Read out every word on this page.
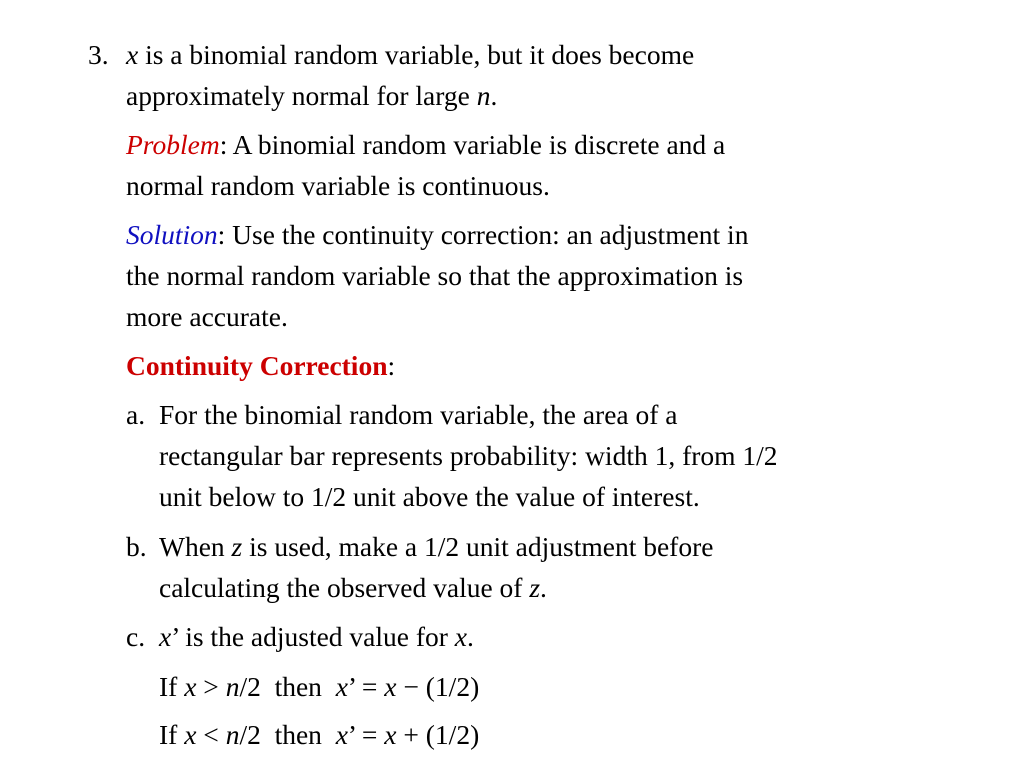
3. x is a binomial random variable, but it does become
approximately normal for large n.
Problem: A binomial random variable is discrete and a
normal random variable is continuous.
Solution: Use the continuity correction: an adjustment in
the normal random variable so that the approximation is
more accurate.
Continuity Correction:
a. For the binomial random variable, the area of a
rectangular bar represents probability: width 1, from 1/2
unit below to 1/2 unit above the value of interest.
b. When z is used, make a 1/2 unit adjustment before
calculating the observed value of z.
c. x’ is the adjusted value for x.
If x > n/2  then  x’ = x − (1/2)
If x < n/2  then  x’ = x + (1/2)
